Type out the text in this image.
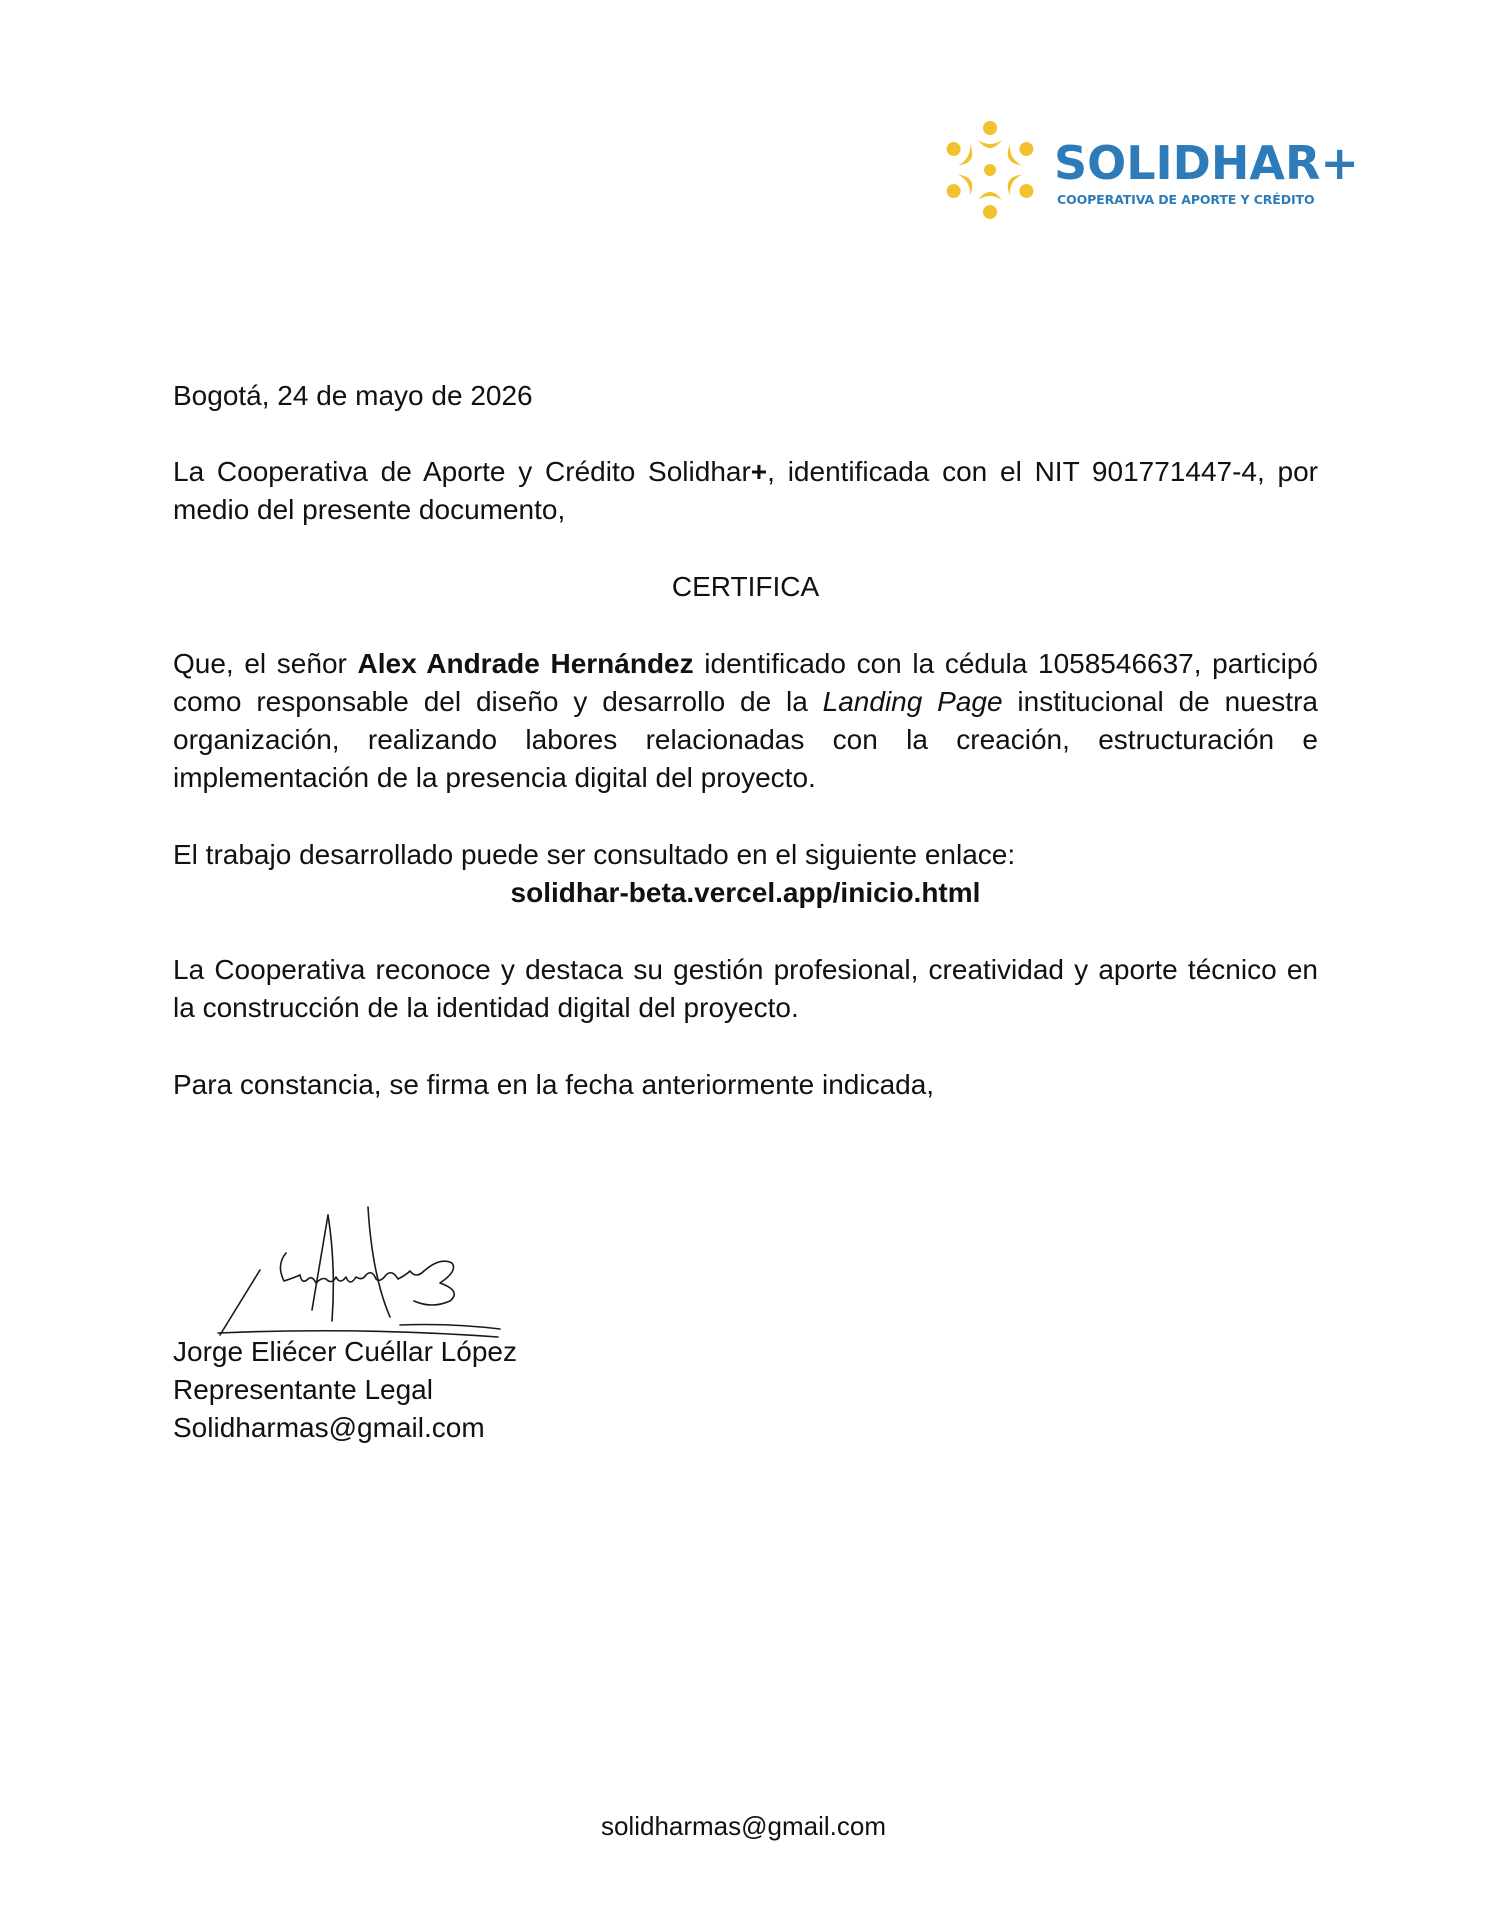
SOLIDHAR+
COOPERATIVA DE APORTE Y CRÉDITO

Bogotá, 24 de mayo de 2026

La Cooperativa de Aporte y Crédito Solidhar+, identificada con el NIT 901771447-4, por medio del presente documento,

CERTIFICA

Que, el señor Alex Andrade Hernández identificado con la cédula 1058546637, participó como responsable del diseño y desarrollo de la Landing Page institucional de nuestra organización, realizando labores relacionadas con la creación, estructuración e implementación de la presencia digital del proyecto.

El trabajo desarrollado puede ser consultado en el siguiente enlace:

solidhar-beta.vercel.app/inicio.html

La Cooperativa reconoce y destaca su gestión profesional, creatividad y aporte técnico en la construcción de la identidad digital del proyecto.

Para constancia, se firma en la fecha anteriormente indicada,

Jorge Eliécer Cuéllar López
Representante Legal
Solidharmas@gmail.com

solidharmas@gmail.com
